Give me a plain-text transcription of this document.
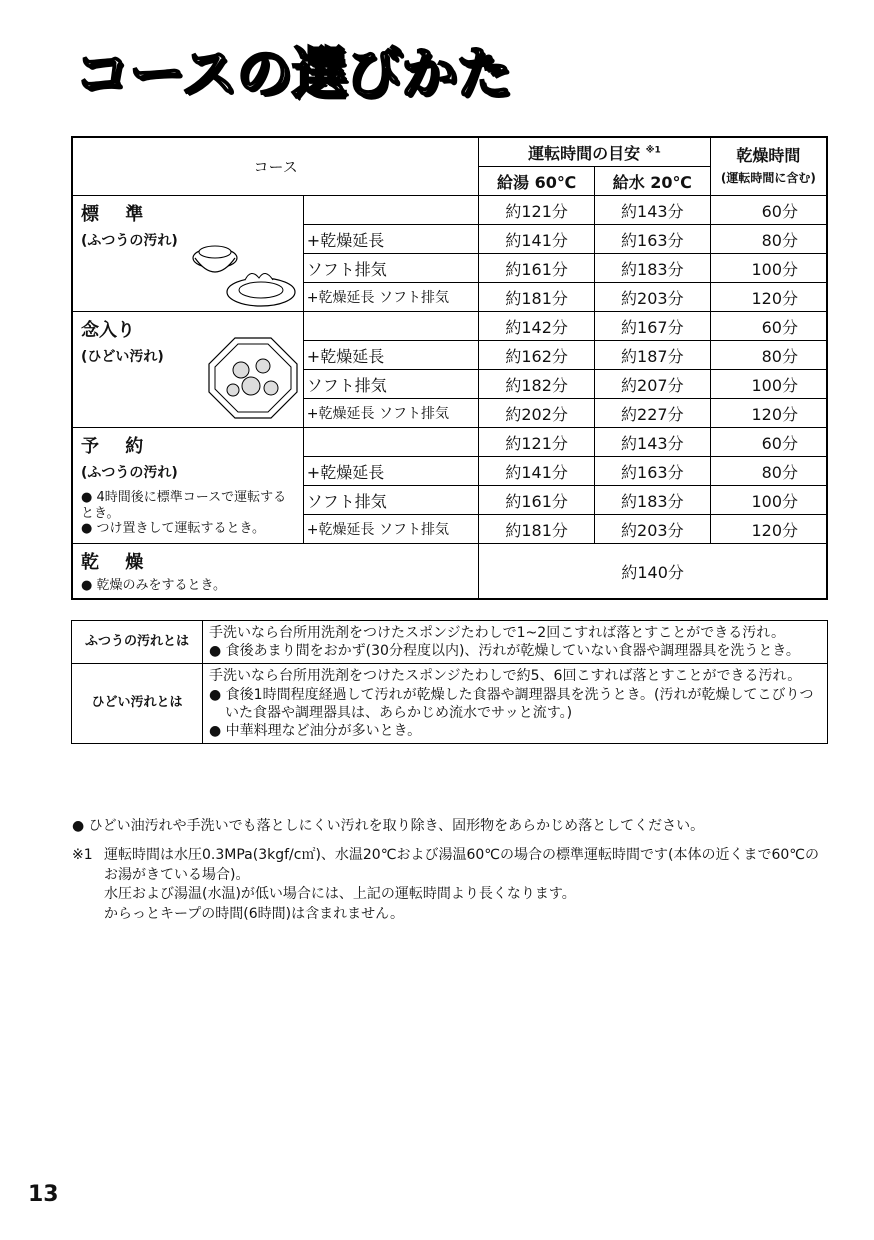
コースの選びかた
コース		運転時間の目安 $^{※1}$		乾燥時間
(運転時間に含む)
		給湯 60℃	給水 20℃	

標 準
(ふつうの汚れ)		約121分	約143分	60分
	+乾燥延長	約141分	約163分	80分
	ソフト排気	約161分	約183分	100分
	+乾燥延長 ソフト排気	約181分	約203分	120分

念入り
(ひどい汚れ)		約142分	約167分	60分
	+乾燥延長	約162分	約187分	80分
	ソフト排気	約182分	約207分	100分
	+乾燥延長 ソフト排気	約202分	約227分	120分

予 約
(ふつうの汚れ)
● 4時間後に標準コースで運転するとき。
● つけ置きして運転するとき。		約121分	約143分	60分
	+乾燥延長	約141分	約163分	80分
	ソフト排気	約161分	約183分	100分
	+乾燥延長 ソフト排気	約181分	約203分	120分

乾 燥
● 乾燥のみをするとき。		約140分		
ふつうの汚れとは	手洗いなら台所用洗剤をつけたスポンジたわしで1~2回こすれば落とすことができる汚れ。
● 食後あまり間をおかず(30分程度以内)、汚れが乾燥していない食器や調理器具を洗うとき。

ひどい汚れとは	手洗いなら台所用洗剤をつけたスポンジたわしで約5、6回こすれば落とすことができる汚れ。
● 食後1時間程度経過して汚れが乾燥した食器や調理器具を洗うとき。(汚れが乾燥してこびりついた食器や調理器具は、あらかじめ流水でサッと流す。)
● 中華料理など油分が多いとき。
● ひどい油汚れや手洗いでも落としにくい汚れを取り除き、固形物をあらかじめ落としてください。
※1 運転時間は水圧0.3MPa(3kgf/c㎡)、水温20℃および湯温60℃の場合の標準運転時間です(本体の近くまで60℃のお湯がきている場合)。
水圧および湯温(水温)が低い場合には、上記の運転時間より長くなります。
からっとキープの時間(6時間)は含まれません。
13
